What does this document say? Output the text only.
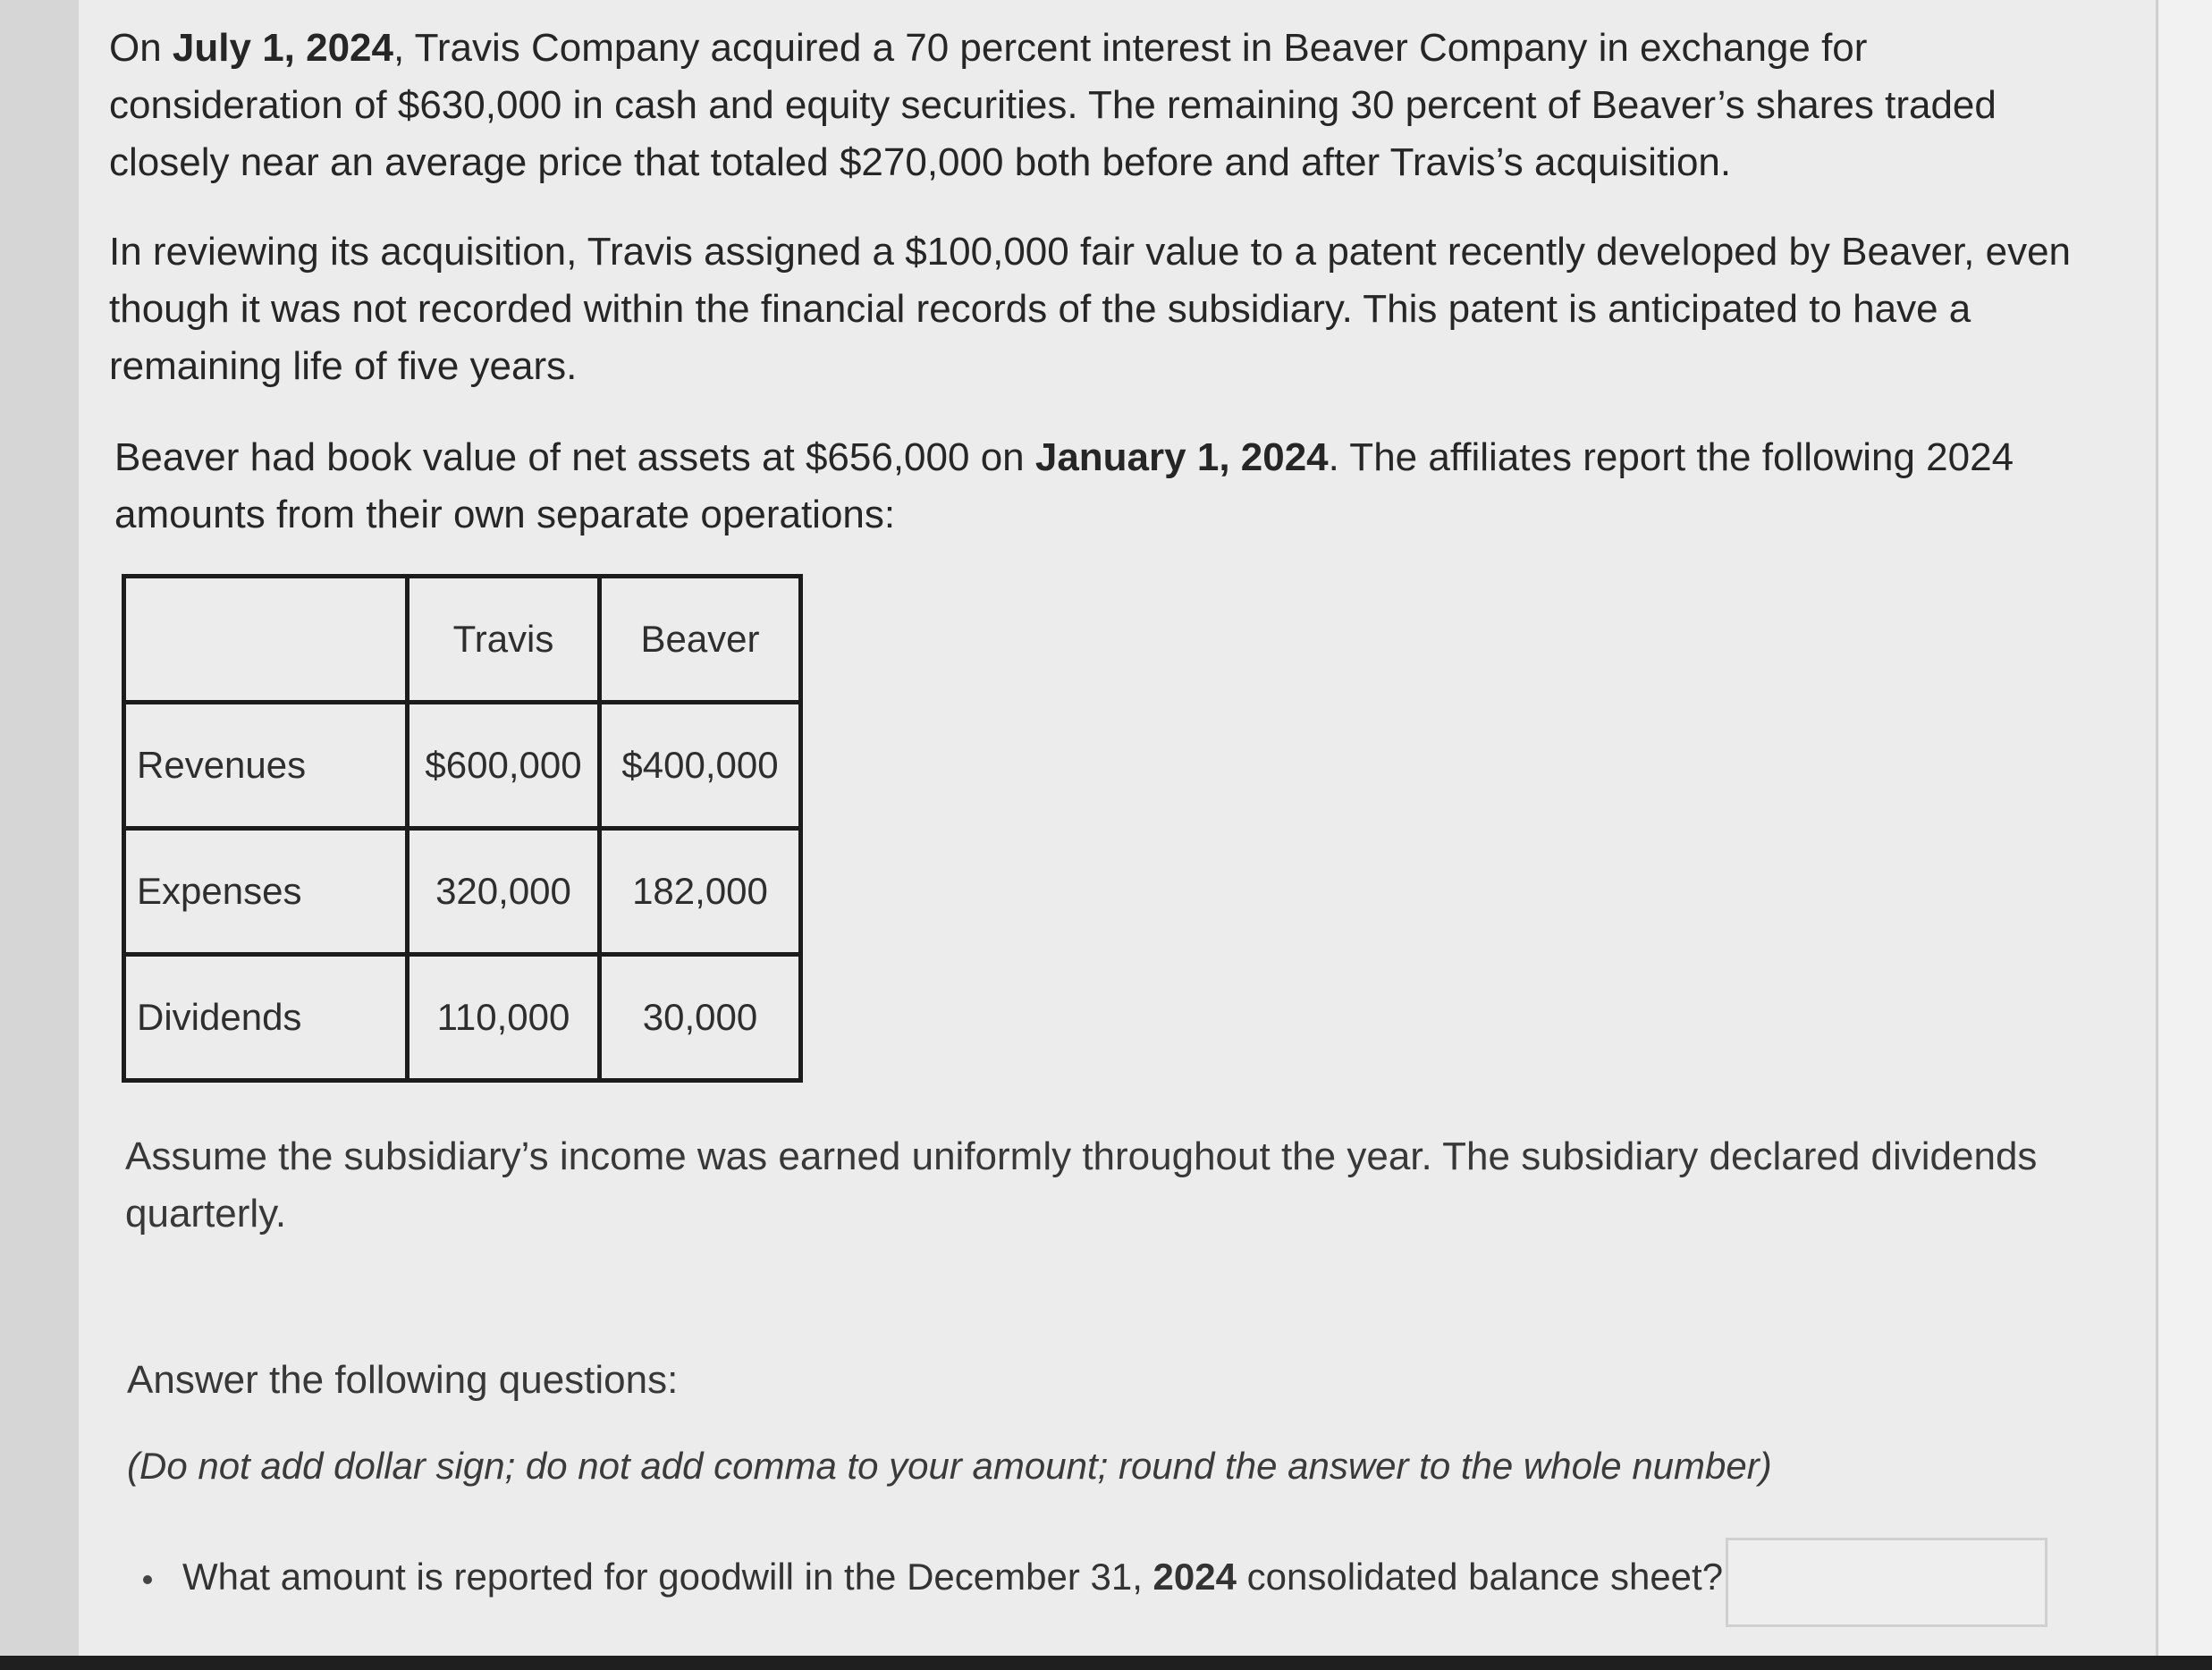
On July 1, 2024, Travis Company acquired a 70 percent interest in Beaver Company in exchange for consideration of $630,000 in cash and equity securities. The remaining 30 percent of Beaver’s shares traded closely near an average price that totaled $270,000 both before and after Travis’s acquisition.

In reviewing its acquisition, Travis assigned a $100,000 fair value to a patent recently developed by Beaver, even though it was not recorded within the financial records of the subsidiary. This patent is anticipated to have a remaining life of five years.

Beaver had book value of net assets at $656,000 on January 1, 2024. The affiliates report the following 2024 amounts from their own separate operations:

	Travis	Beaver
Revenues	$600,000	$400,000
Expenses	320,000	182,000
Dividends	110,000	30,000

Assume the subsidiary’s income was earned uniformly throughout the year. The subsidiary declared dividends quarterly.

Answer the following questions:

(Do not add dollar sign; do not add comma to your amount; round the answer to the whole number)

What amount is reported for goodwill in the December 31, 2024 consolidated balance sheet?
